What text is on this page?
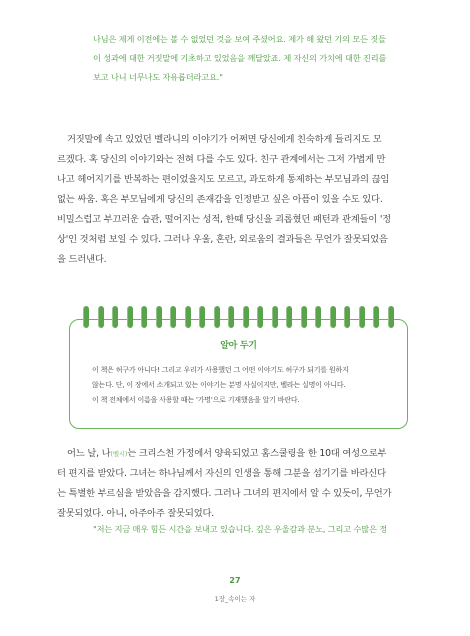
나님은 제게 이전에는 볼 수 없었던 것을 보여 주셨어요. 제가 해 왔던 기의 모든 짓들

이 성과에 대한 거짓말에 기초하고 있었음을 깨달았죠. 제 자신의 가치에 대한 진리를

보고 나니 너무나도 자유롭더라고요."

거짓말에 속고 있었던 벨라니의 이야기가 어쩌면 당신에게 친숙하게 들리지도 모

르겠다. 혹 당신의 이야기와는 전혀 다를 수도 있다. 친구 관계에서는 그저 가볍게 만

나고 헤어지기를 반복하는 편이었을지도 모르고, 과도하게 통제하는 부모님과의 끊임

없는 싸움. 혹은 부모님에게 당신의 존재감을 인정받고 싶은 아픔이 있을 수도 있다.

비밀스럽고 부끄러운 습관, 떨어지는 성적, 한때 당신을 괴롭혔던 패턴과 관계들이 '정

상'인 것처럼 보일 수 있다. 그러나 우울, 혼란, 외로움의 결과들은 무언가 잘못되었음

을 드러낸다.

알아 두기

이 책은 허구가 아니다! 그리고 우리가 사용했던 그 어떤 이야기도 허구가 되기를 원하지

않는다. 단, 이 장에서 소개되고 있는 이야기는 분명 사실이지만, 벨라는 실명이 아니다.

이 책 전체에서 이름을 사용할 때는 '가명'으로 기재했음을 알기 바란다.

어느 날, 나(벨시)는 크리스천 가정에서 양육되었고 홈스쿨링을 한 10대 여성으로부

터 편지를 받았다. 그녀는 하나님께서 자신의 인생을 통해 그분을 섬기기를 바라신다

는 특별한 부르심을 받았음을 감지했다. 그러나 그녀의 편지에서 알 수 있듯이, 무언가

잘못되었다. 아니, 아주아주 잘못되었다.

"저는 지금 매우 힘든 시간을 보내고 있습니다. 깊은 우울감과 분노, 그리고 수많은 정
27
1장_속이는 자
